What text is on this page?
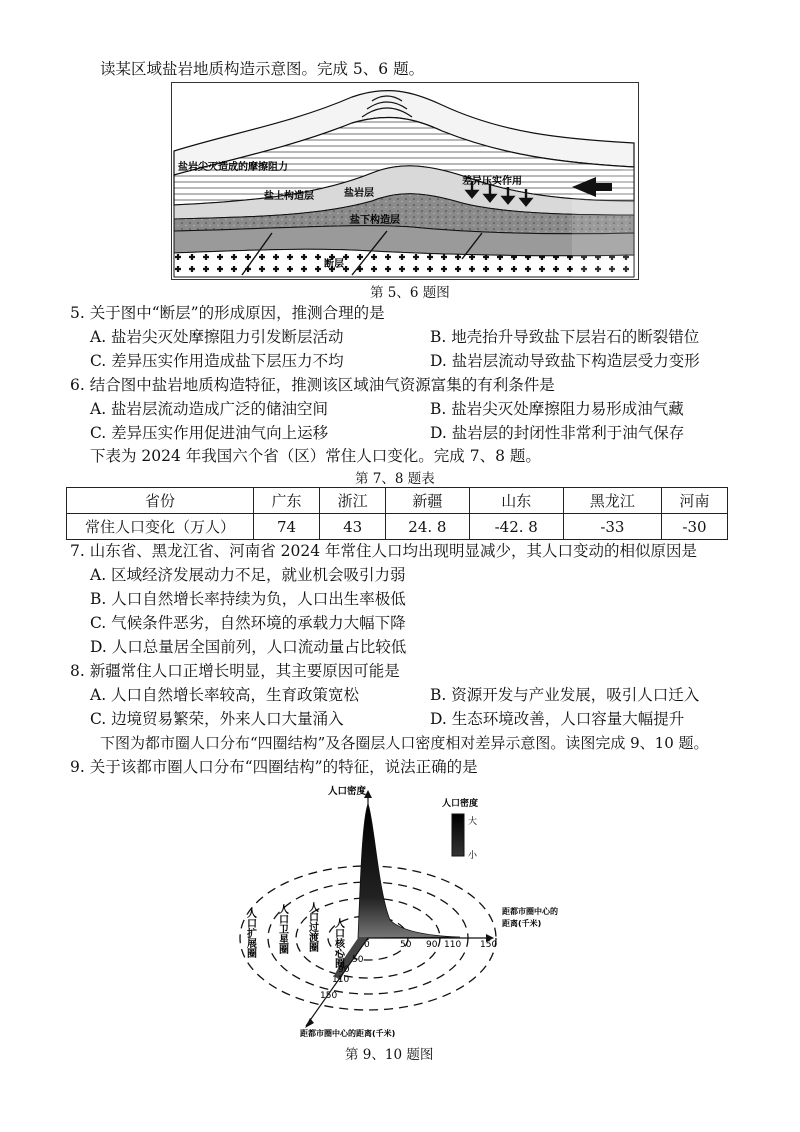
读某区域盐岩地质构造示意图。完成 5、6 题。
盐岩尖灭造成的摩擦阻力
盐上构造层	盐岩层
差异压实作用
盐下构造层
断层
第 5、6 题图
5. 关于图中“断层”的形成原因，推测合理的是
A. 盐岩尖灭处摩擦阻力引发断层活动	B. 地壳抬升导致盐下层岩石的断裂错位
C. 差异压实作用造成盐下层压力不均	D. 盐岩层流动导致盐下构造层受力变形
6. 结合图中盐岩地质构造特征，推测该区域油气资源富集的有利条件是
A. 盐岩层流动造成广泛的储油空间	B. 盐岩尖灭处摩擦阻力易形成油气藏
C. 差异压实作用促进油气向上运移	D. 盐岩层的封闭性非常利于油气保存
下表为 2024 年我国六个省（区）常住人口变化。完成 7、8 题。
第 7、8 题表
省份	广东	浙江	新疆	山东	黑龙江	河南
常住人口变化（万人）	74	43	24. 8	-42. 8	-33	-30
7. 山东省、黑龙江省、河南省 2024 年常住人口均出现明显减少，其人口变动的相似原因是
A. 区域经济发展动力不足，就业机会吸引力弱
B. 人口自然增长率持续为负，人口出生率极低
C. 气候条件恶劣，自然环境的承载力大幅下降
D. 人口总量居全国前列，人口流动量占比较低
8. 新疆常住人口正增长明显，其主要原因可能是
A. 人口自然增长率较高，生育政策宽松	B. 资源开发与产业发展，吸引人口迁入
C. 边境贸易繁荣，外来人口大量涌入	D. 生态环境改善，人口容量大幅提升
下图为都市圈人口分布“四圈结构”及各圈层人口密度相对差异示意图。读图完成 9、10 题。
9. 关于该都市圈人口分布“四圈结构”的特征，说法正确的是
人口密度
0	50 90 110 150
距都市圈中心的
距离(千米)
50
90
110
150
距都市圈中心的距离(千米)
人口扩展圈 人口卫星圈 人口过渡圈 人口核心圈
人口密度
大
小
第 9、10 题图
